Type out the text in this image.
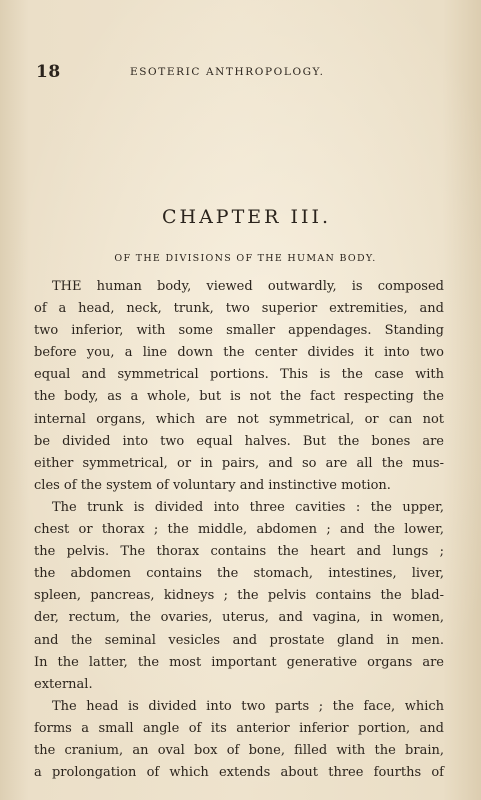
18	ESOTERIC ANTHROPOLOGY.
CHAPTER III.
OF THE DIVISIONS OF THE HUMAN BODY.
THE human body, viewed outwardly, is composed
of a head, neck, trunk, two superior extremities, and
two inferior, with some smaller appendages. Standing
before you, a line down the center divides it into two
equal and symmetrical portions. This is the case with
the body, as a whole, but is not the fact respecting the
internal organs, which are not symmetrical, or can not
be divided into two equal halves. But the bones are
either symmetrical, or in pairs, and so are all the mus-
cles of the system of voluntary and instinctive motion.
The trunk is divided into three cavities : the upper,
chest or thorax ; the middle, abdomen ; and the lower,
the pelvis. The thorax contains the heart and lungs ;
the abdomen contains the stomach, intestines, liver,
spleen, pancreas, kidneys ; the pelvis contains the blad-
der, rectum, the ovaries, uterus, and vagina, in women,
and the seminal vesicles and prostate gland in men.
In the latter, the most important generative organs are
external.
The head is divided into two parts ; the face, which
forms a small angle of its anterior inferior portion, and
the cranium, an oval box of bone, filled with the brain,
a prolongation of which extends about three fourths of
